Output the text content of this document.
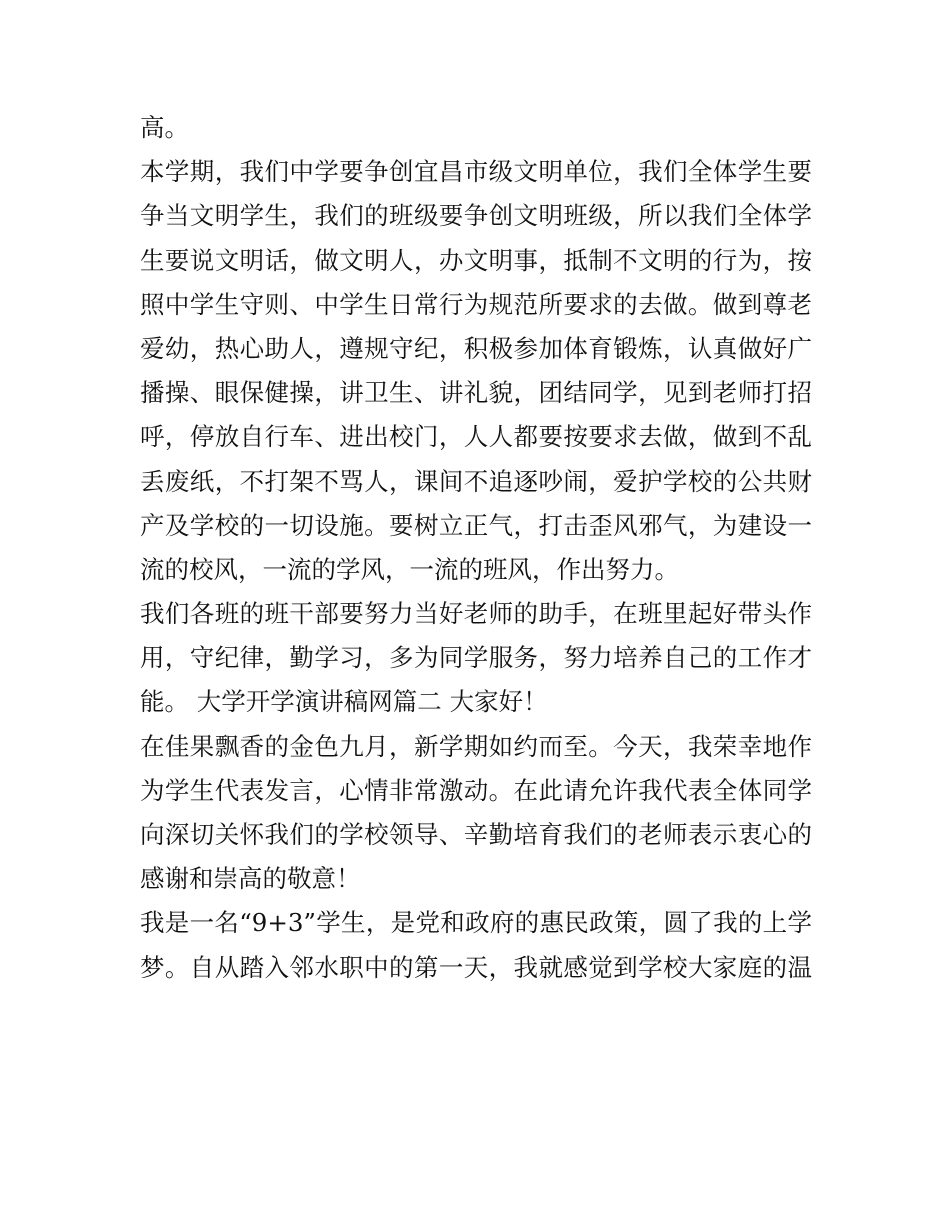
高。
本学期，我们中学要争创宜昌市级文明单位，我们全体学生要
争当文明学生，我们的班级要争创文明班级，所以我们全体学
生要说文明话，做文明人，办文明事，抵制不文明的行为，按
照中学生守则、中学生日常行为规范所要求的去做。做到尊老
爱幼，热心助人，遵规守纪，积极参加体育锻炼，认真做好广
播操、眼保健操，讲卫生、讲礼貌，团结同学，见到老师打招
呼，停放自行车、进出校门，人人都要按要求去做，做到不乱
丢废纸，不打架不骂人，课间不追逐吵闹，爱护学校的公共财
产及学校的一切设施。要树立正气，打击歪风邪气，为建设一
流的校风，一流的学风，一流的班风，作出努力。
我们各班的班干部要努力当好老师的助手，在班里起好带头作
用，守纪律，勤学习，多为同学服务，努力培养自己的工作才
能。 大学开学演讲稿网篇二 大家好！
在佳果飘香的金色九月，新学期如约而至。今天，我荣幸地作
为学生代表发言，心情非常激动。在此请允许我代表全体同学
向深切关怀我们的学校领导、辛勤培育我们的老师表示衷心的
感谢和崇高的敬意！
我是一名“9+3”学生，是党和政府的惠民政策，圆了我的上学
梦。自从踏入邻水职中的第一天，我就感觉到学校大家庭的温
